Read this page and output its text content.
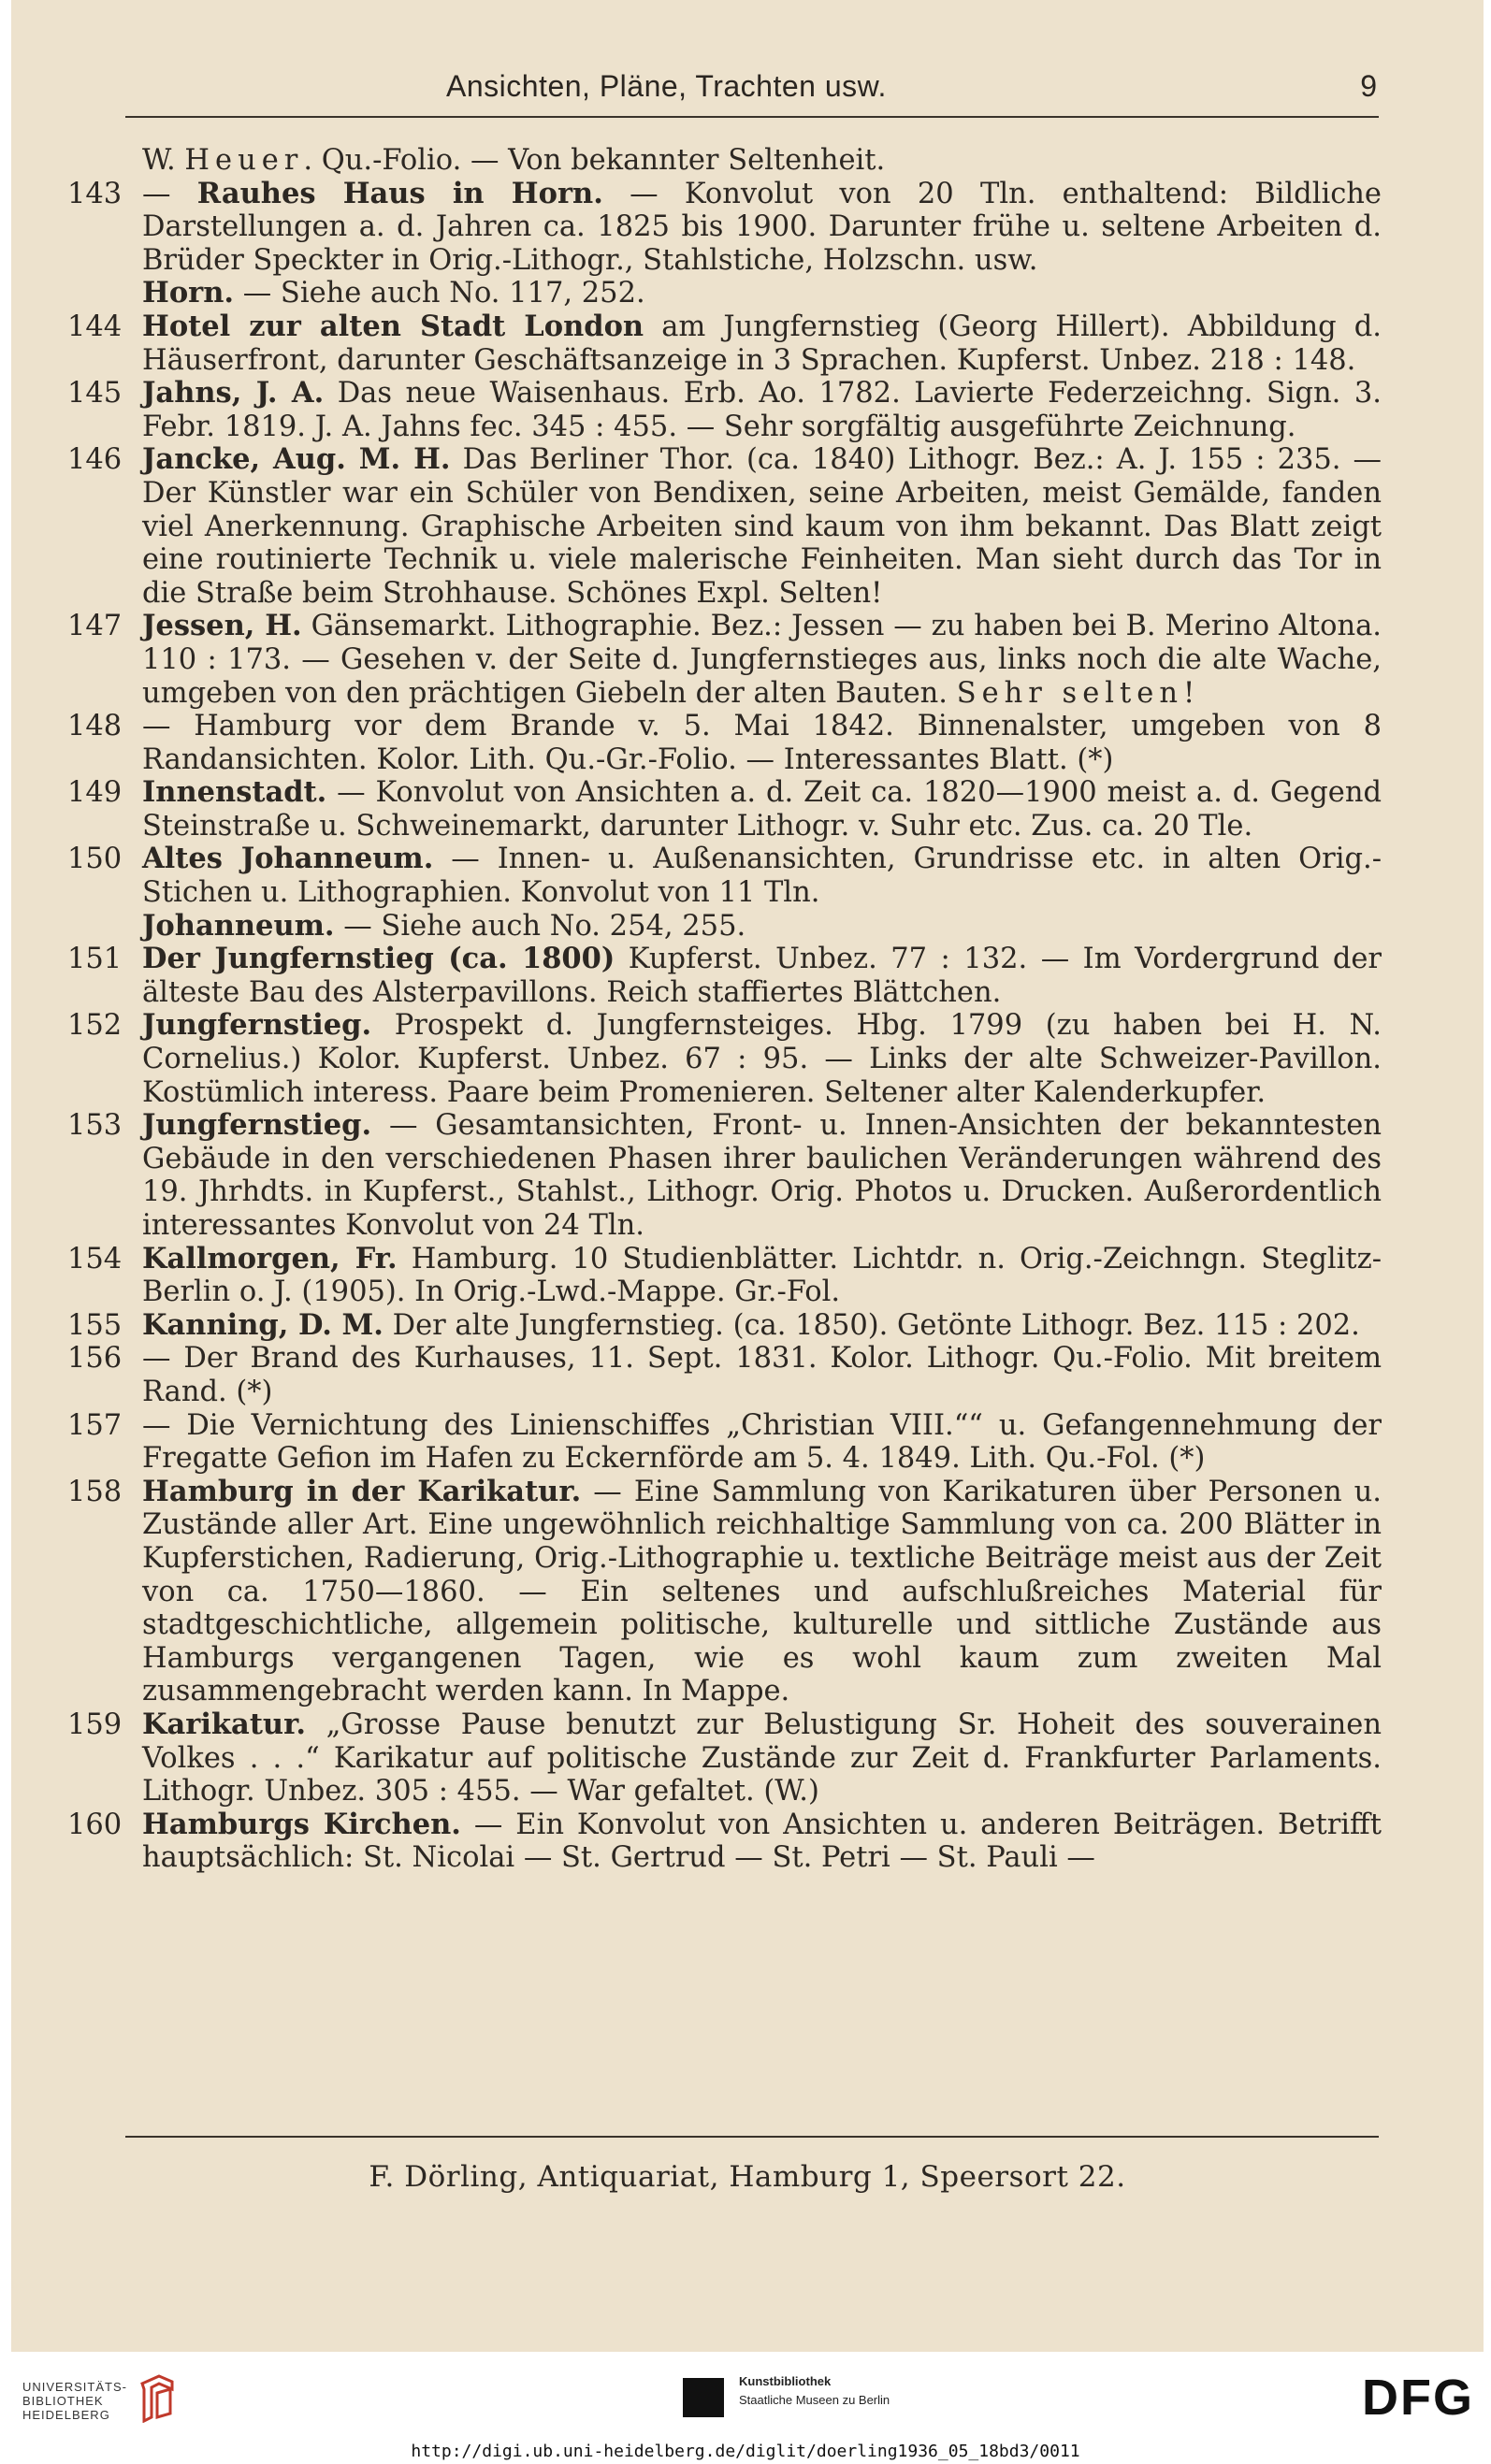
Ansichten, Pläne, Trachten usw.	9
W. Heuer. Qu.-Folio. — Von bekannter Seltenheit.
143 — Rauhes Haus in Horn. — Konvolut von 20 Tln. enthaltend: Bildliche Darstellungen a. d. Jahren ca. 1825 bis 1900. Darunter frühe u. seltene Arbeiten d. Brüder Speckter in Orig.-Lithogr., Stahlstiche, Holzschn. usw.
Horn. — Siehe auch No. 117, 252.
144 Hotel zur alten Stadt London am Jungfernstieg (Georg Hillert). Abbildung d. Häuserfront, darunter Geschäftsanzeige in 3 Sprachen. Kupferst. Unbez. 218 : 148.
145 Jahns, J. A. Das neue Waisenhaus. Erb. Ao. 1782. Lavierte Federzeichng. Sign. 3. Febr. 1819. J. A. Jahns fec. 345 : 455. — Sehr sorgfältig ausgeführte Zeichnung.
146 Jancke, Aug. M. H. Das Berliner Thor. (ca. 1840) Lithogr. Bez.: A. J. 155 : 235. — Der Künstler war ein Schüler von Bendixen, seine Arbeiten, meist Gemälde, fanden viel Anerkennung. Graphische Arbeiten sind kaum von ihm bekannt. Das Blatt zeigt eine routinierte Technik u. viele malerische Feinheiten. Man sieht durch das Tor in die Straße beim Strohhause. Schönes Expl. Selten!
147 Jessen, H. Gänsemarkt. Lithographie. Bez.: Jessen — zu haben bei B. Merino Altona. 110 : 173. — Gesehen v. der Seite d. Jungfernstieges aus, links noch die alte Wache, umgeben von den prächtigen Giebeln der alten Bauten. Sehr selten!
148 — Hamburg vor dem Brande v. 5. Mai 1842. Binnenalster, umgeben von 8 Randansichten. Kolor. Lith. Qu.-Gr.-Folio. — Interessantes Blatt. (*)
149 Innenstadt. — Konvolut von Ansichten a. d. Zeit ca. 1820—1900 meist a. d. Gegend Steinstraße u. Schweinemarkt, darunter Lithogr. v. Suhr etc. Zus. ca. 20 Tle.
150 Altes Johanneum. — Innen- u. Außenansichten, Grundrisse etc. in alten Orig.-Stichen u. Lithographien. Konvolut von 11 Tln.
Johanneum. — Siehe auch No. 254, 255.
151 Der Jungfernstieg (ca. 1800) Kupferst. Unbez. 77 : 132. — Im Vordergrund der älteste Bau des Alsterpavillons. Reich staffiertes Blättchen.
152 Jungfernstieg. Prospekt d. Jungfernsteiges. Hbg. 1799 (zu haben bei H. N. Cornelius.) Kolor. Kupferst. Unbez. 67 : 95. — Links der alte Schweizer-Pavillon. Kostümlich interess. Paare beim Promenieren. Seltener alter Kalenderkupfer.
153 Jungfernstieg. — Gesamtansichten, Front- u. Innen-Ansichten der bekanntesten Gebäude in den verschiedenen Phasen ihrer baulichen Veränderungen während des 19. Jhrhdts. in Kupferst., Stahlst., Lithogr. Orig. Photos u. Drucken. Außerordentlich interessantes Konvolut von 24 Tln.
154 Kallmorgen, Fr. Hamburg. 10 Studienblätter. Lichtdr. n. Orig.-Zeichngn. Steglitz-Berlin o. J. (1905). In Orig.-Lwd.-Mappe. Gr.-Fol.
155 Kanning, D. M. Der alte Jungfernstieg. (ca. 1850). Getönte Lithogr. Bez. 115 : 202.
156 — Der Brand des Kurhauses, 11. Sept. 1831. Kolor. Lithogr. Qu.-Folio. Mit breitem Rand. (*)
157 — Die Vernichtung des Linienschiffes „Christian VIII.““ u. Gefangennehmung der Fregatte Gefion im Hafen zu Eckernförde am 5. 4. 1849. Lith. Qu.-Fol. (*)
158 Hamburg in der Karikatur. — Eine Sammlung von Karikaturen über Personen u. Zustände aller Art. Eine ungewöhnlich reichhaltige Sammlung von ca. 200 Blätter in Kupferstichen, Radierung, Orig.-Lithographie u. textliche Beiträge meist aus der Zeit von ca. 1750—1860. — Ein seltenes und aufschlußreiches Material für stadtgeschichtliche, allgemein politische, kulturelle und sittliche Zustände aus Hamburgs vergangenen Tagen, wie es wohl kaum zum zweiten Mal zusammengebracht werden kann. In Mappe.
159 Karikatur. „Grosse Pause benutzt zur Belustigung Sr. Hoheit des souverainen Volkes . . .“ Karikatur auf politische Zustände zur Zeit d. Frankfurter Parlaments. Lithogr. Unbez. 305 : 455. — War gefaltet. (W.)
160 Hamburgs Kirchen. — Ein Konvolut von Ansichten u. anderen Beiträgen. Betrifft hauptsächlich: St. Nicolai — St. Gertrud — St. Petri — St. Pauli —
F. Dörling, Antiquariat, Hamburg 1, Speersort 22.
UNIVERSITÄTS-
BIBLIOTHEK
HEIDELBERG
Kunstbibliothek
Staatliche Museen zu Berlin	DFG
http://digi.ub.uni-heidelberg.de/diglit/doerling1936_05_18bd3/0011
